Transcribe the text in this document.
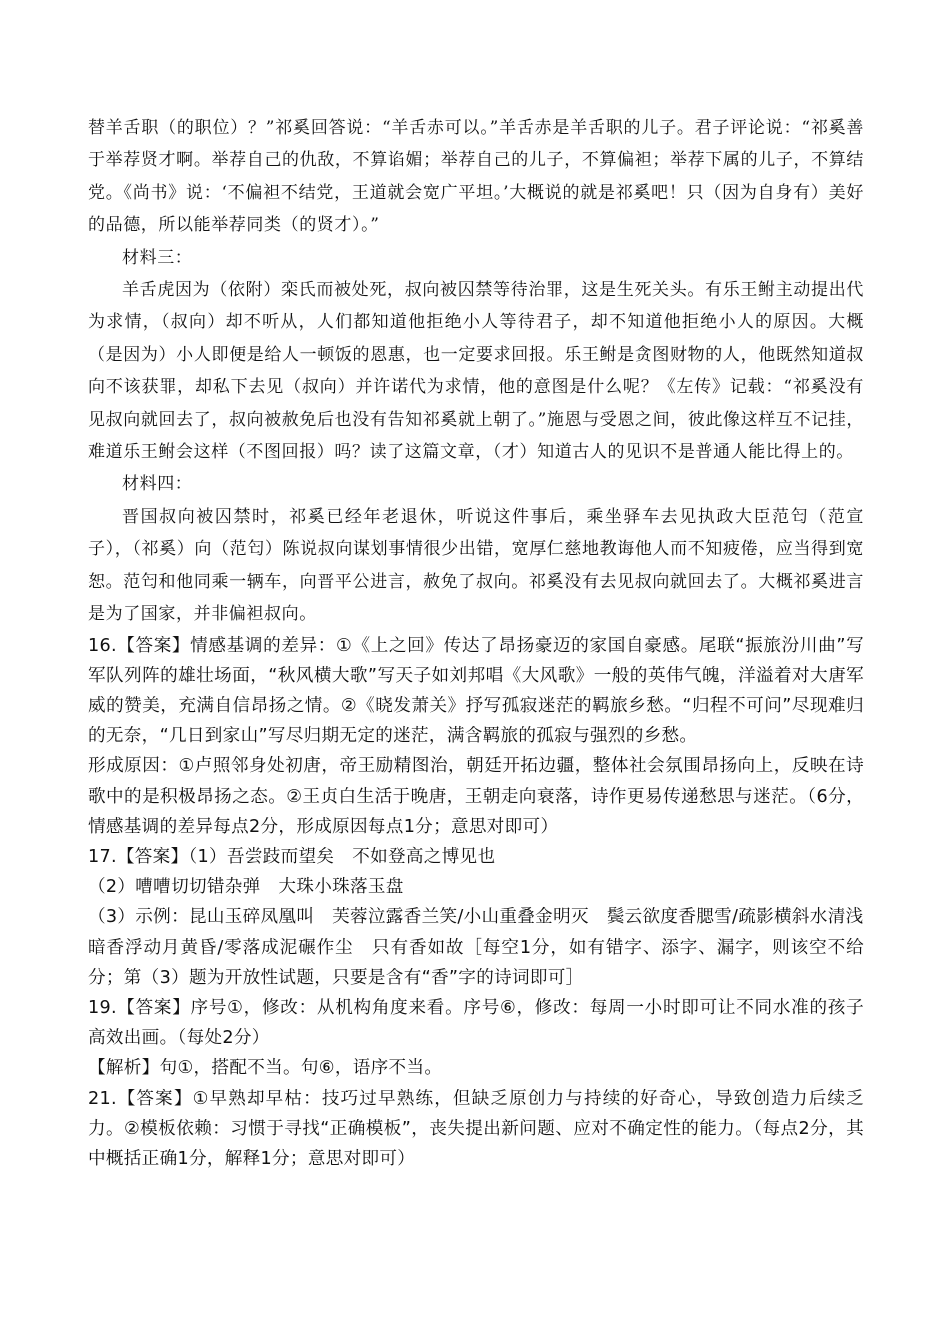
替羊舌职（的职位）？”祁奚回答说：“羊舌赤可以。”羊舌赤是羊舌职的儿子。君子评论说：“祁奚善于举荐贤才啊。举荐自己的仇敌，不算谄媚；举荐自己的儿子，不算偏袒；举荐下属的儿子，不算结党。《尚书》说：‘不偏袒不结党，王道就会宽广平坦。’大概说的就是祁奚吧！只（因为自身有）美好的品德，所以能举荐同类（的贤才）。”

材料三：

羊舌虎因为（依附）栾氏而被处死，叔向被囚禁等待治罪，这是生死关头。有乐王鲋主动提出代为求情，（叔向）却不听从，人们都知道他拒绝小人等待君子，却不知道他拒绝小人的原因。大概（是因为）小人即便是给人一顿饭的恩惠，也一定要求回报。乐王鲋是贪图财物的人，他既然知道叔向不该获罪，却私下去见（叔向）并许诺代为求情，他的意图是什么呢？《左传》记载：“祁奚没有见叔向就回去了，叔向被赦免后也没有告知祁奚就上朝了。”施恩与受恩之间，彼此像这样互不记挂，难道乐王鲋会这样（不图回报）吗？读了这篇文章，（才）知道古人的见识不是普通人能比得上的。

材料四：

晋国叔向被囚禁时，祁奚已经年老退休，听说这件事后，乘坐驿车去见执政大臣范匄（范宣子），（祁奚）向（范匄）陈说叔向谋划事情很少出错，宽厚仁慈地教诲他人而不知疲倦，应当得到宽恕。范匄和他同乘一辆车，向晋平公进言，赦免了叔向。祁奚没有去见叔向就回去了。大概祁奚进言是为了国家，并非偏袒叔向。

16.【答案】情感基调的差异：①《上之回》传达了昂扬豪迈的家国自豪感。尾联“振旅汾川曲”写军队列阵的雄壮场面，“秋风横大歌”写天子如刘邦唱《大风歌》一般的英伟气魄，洋溢着对大唐军威的赞美，充满自信昂扬之情。②《晓发萧关》抒写孤寂迷茫的羁旅乡愁。“归程不可问”尽现难归的无奈，“几日到家山”写尽归期无定的迷茫，满含羁旅的孤寂与强烈的乡愁。

形成原因：①卢照邻身处初唐，帝王励精图治，朝廷开拓边疆，整体社会氛围昂扬向上，反映在诗歌中的是积极昂扬之态。②王贞白生活于晚唐，王朝走向衰落，诗作更易传递愁思与迷茫。（6分，情感基调的差异每点2分，形成原因每点1分；意思对即可）

17.【答案】（1）吾尝跂而望矣　不如登高之博见也

（2）嘈嘈切切错杂弹　大珠小珠落玉盘

（3）示例：昆山玉碎凤凰叫　芙蓉泣露香兰笑/小山重叠金明灭　鬓云欲度香腮雪/疏影横斜水清浅

暗香浮动月黄昏/零落成泥碾作尘　只有香如故［每空1分，如有错字、添字、漏字，则该空不给分；第（3）题为开放性试题，只要是含有“香”字的诗词即可］

19.【答案】序号①，修改：从机构角度来看。序号⑥，修改：每周一小时即可让不同水准的孩子高效出画。（每处2分）

【解析】句①，搭配不当。句⑥，语序不当。

21.【答案】①早熟却早枯：技巧过早熟练，但缺乏原创力与持续的好奇心，导致创造力后续乏力。②模板依赖：习惯于寻找“正确模板”，丧失提出新问题、应对不确定性的能力。（每点2分，其中概括正确1分，解释1分；意思对即可）
